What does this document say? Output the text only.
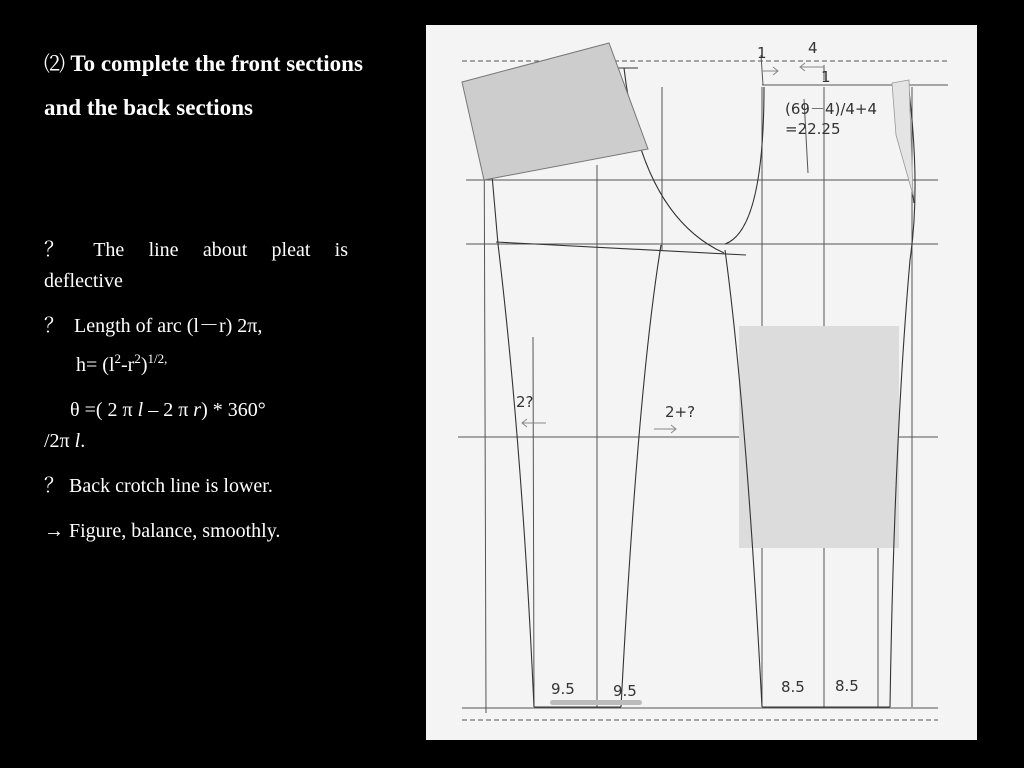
⑵ To complete the front sections and the back sections

？ The line about pleat is deflective

？ Length of arc (l－r) 2π,

$h= (l^2-r^2)^{1/2,}$

θ =( 2 π l – 2 π r) * 360°
/2π l.

？ Back crotch line is lower.

→ Figure, balance, smoothly.

1	4
1
(69－4)/4+4
=22.25
2?
2+?
9.5	9.5	8.5 8.5
